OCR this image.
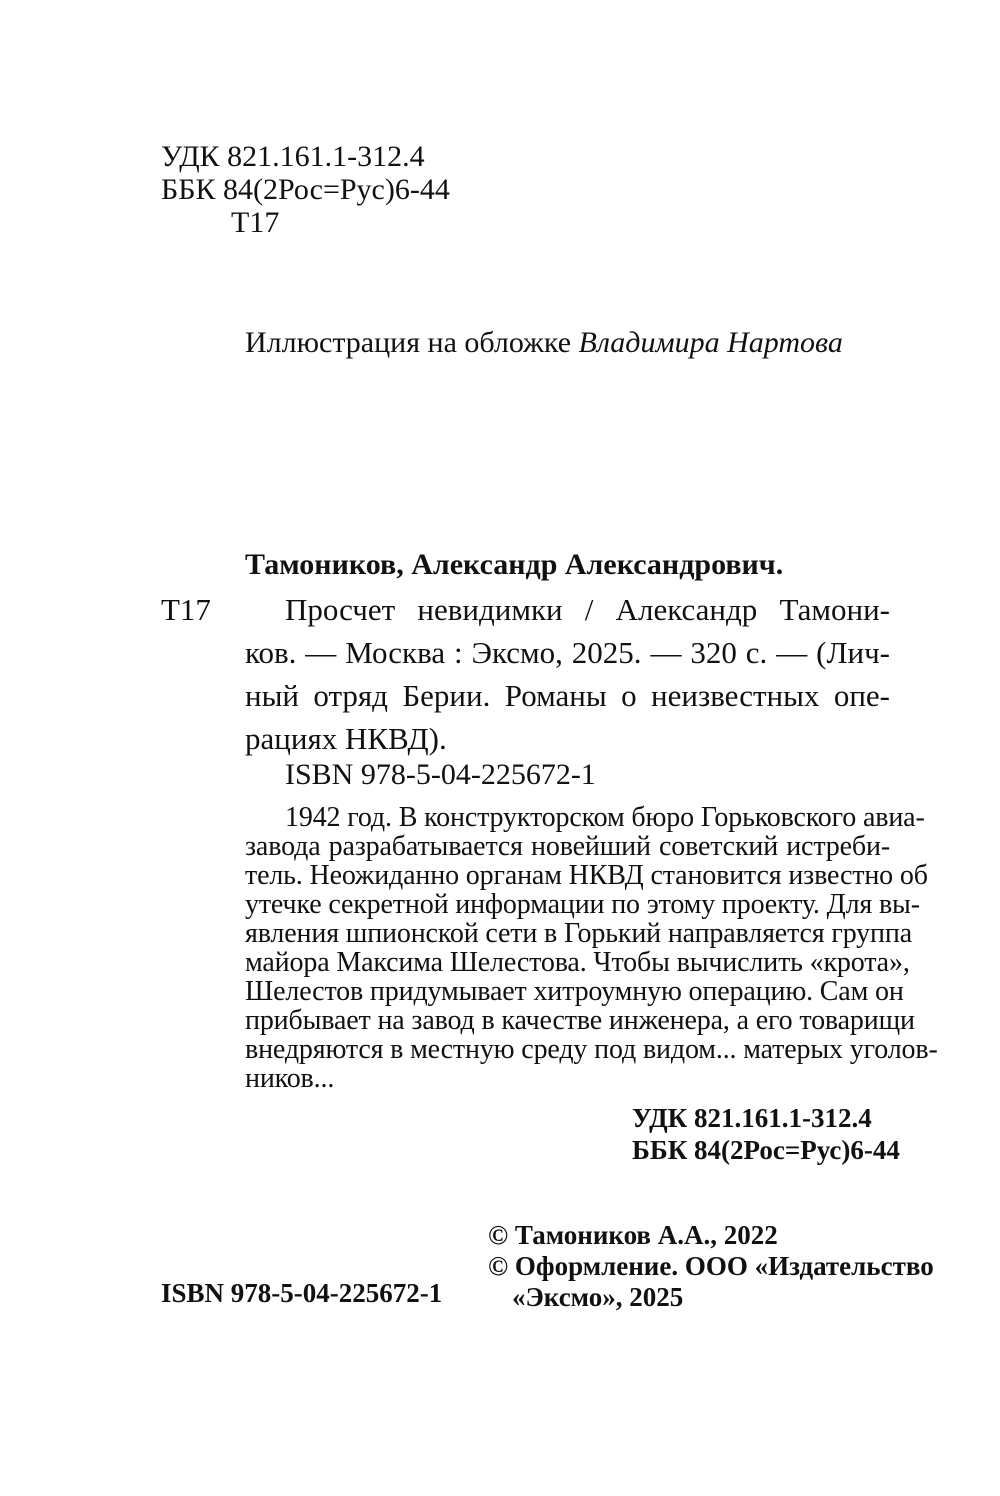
УДК 821.161.1-312.4
ББК 84(2Рос=Рус)6-44
Т17
Иллюстрация на обложке Владимира Нартова
Тамоников, Александр Александрович.
Т17	Просчет невидимки / Александр Тамони-
ков. — Москва : Эксмо, 2025. — 320 с. — (Лич-
ный отряд Берии. Романы о неизвестных опе-
рациях НКВД).
ISBN 978-5-04-225672-1
1942 год. В конструкторском бюро Горьковского авиа-
завода разрабатывается новейший советский истреби-
тель. Неожиданно органам НКВД становится известно об
утечке секретной информации по этому проекту. Для вы-
явления шпионской сети в Горький направляется группа
майора Максима Шелестова. Чтобы вычислить «крота»,
Шелестов придумывает хитроумную операцию. Сам он
прибывает на завод в качестве инженера, а его товарищи
внедряются в местную среду под видом... матерых уголов-
ников...
УДК 821.161.1-312.4
ББК 84(2Рос=Рус)6-44
© Тамоников А.А., 2022
© Оформление. ООО «Издательство
«Эксмо», 2025
ISBN 978-5-04-225672-1
